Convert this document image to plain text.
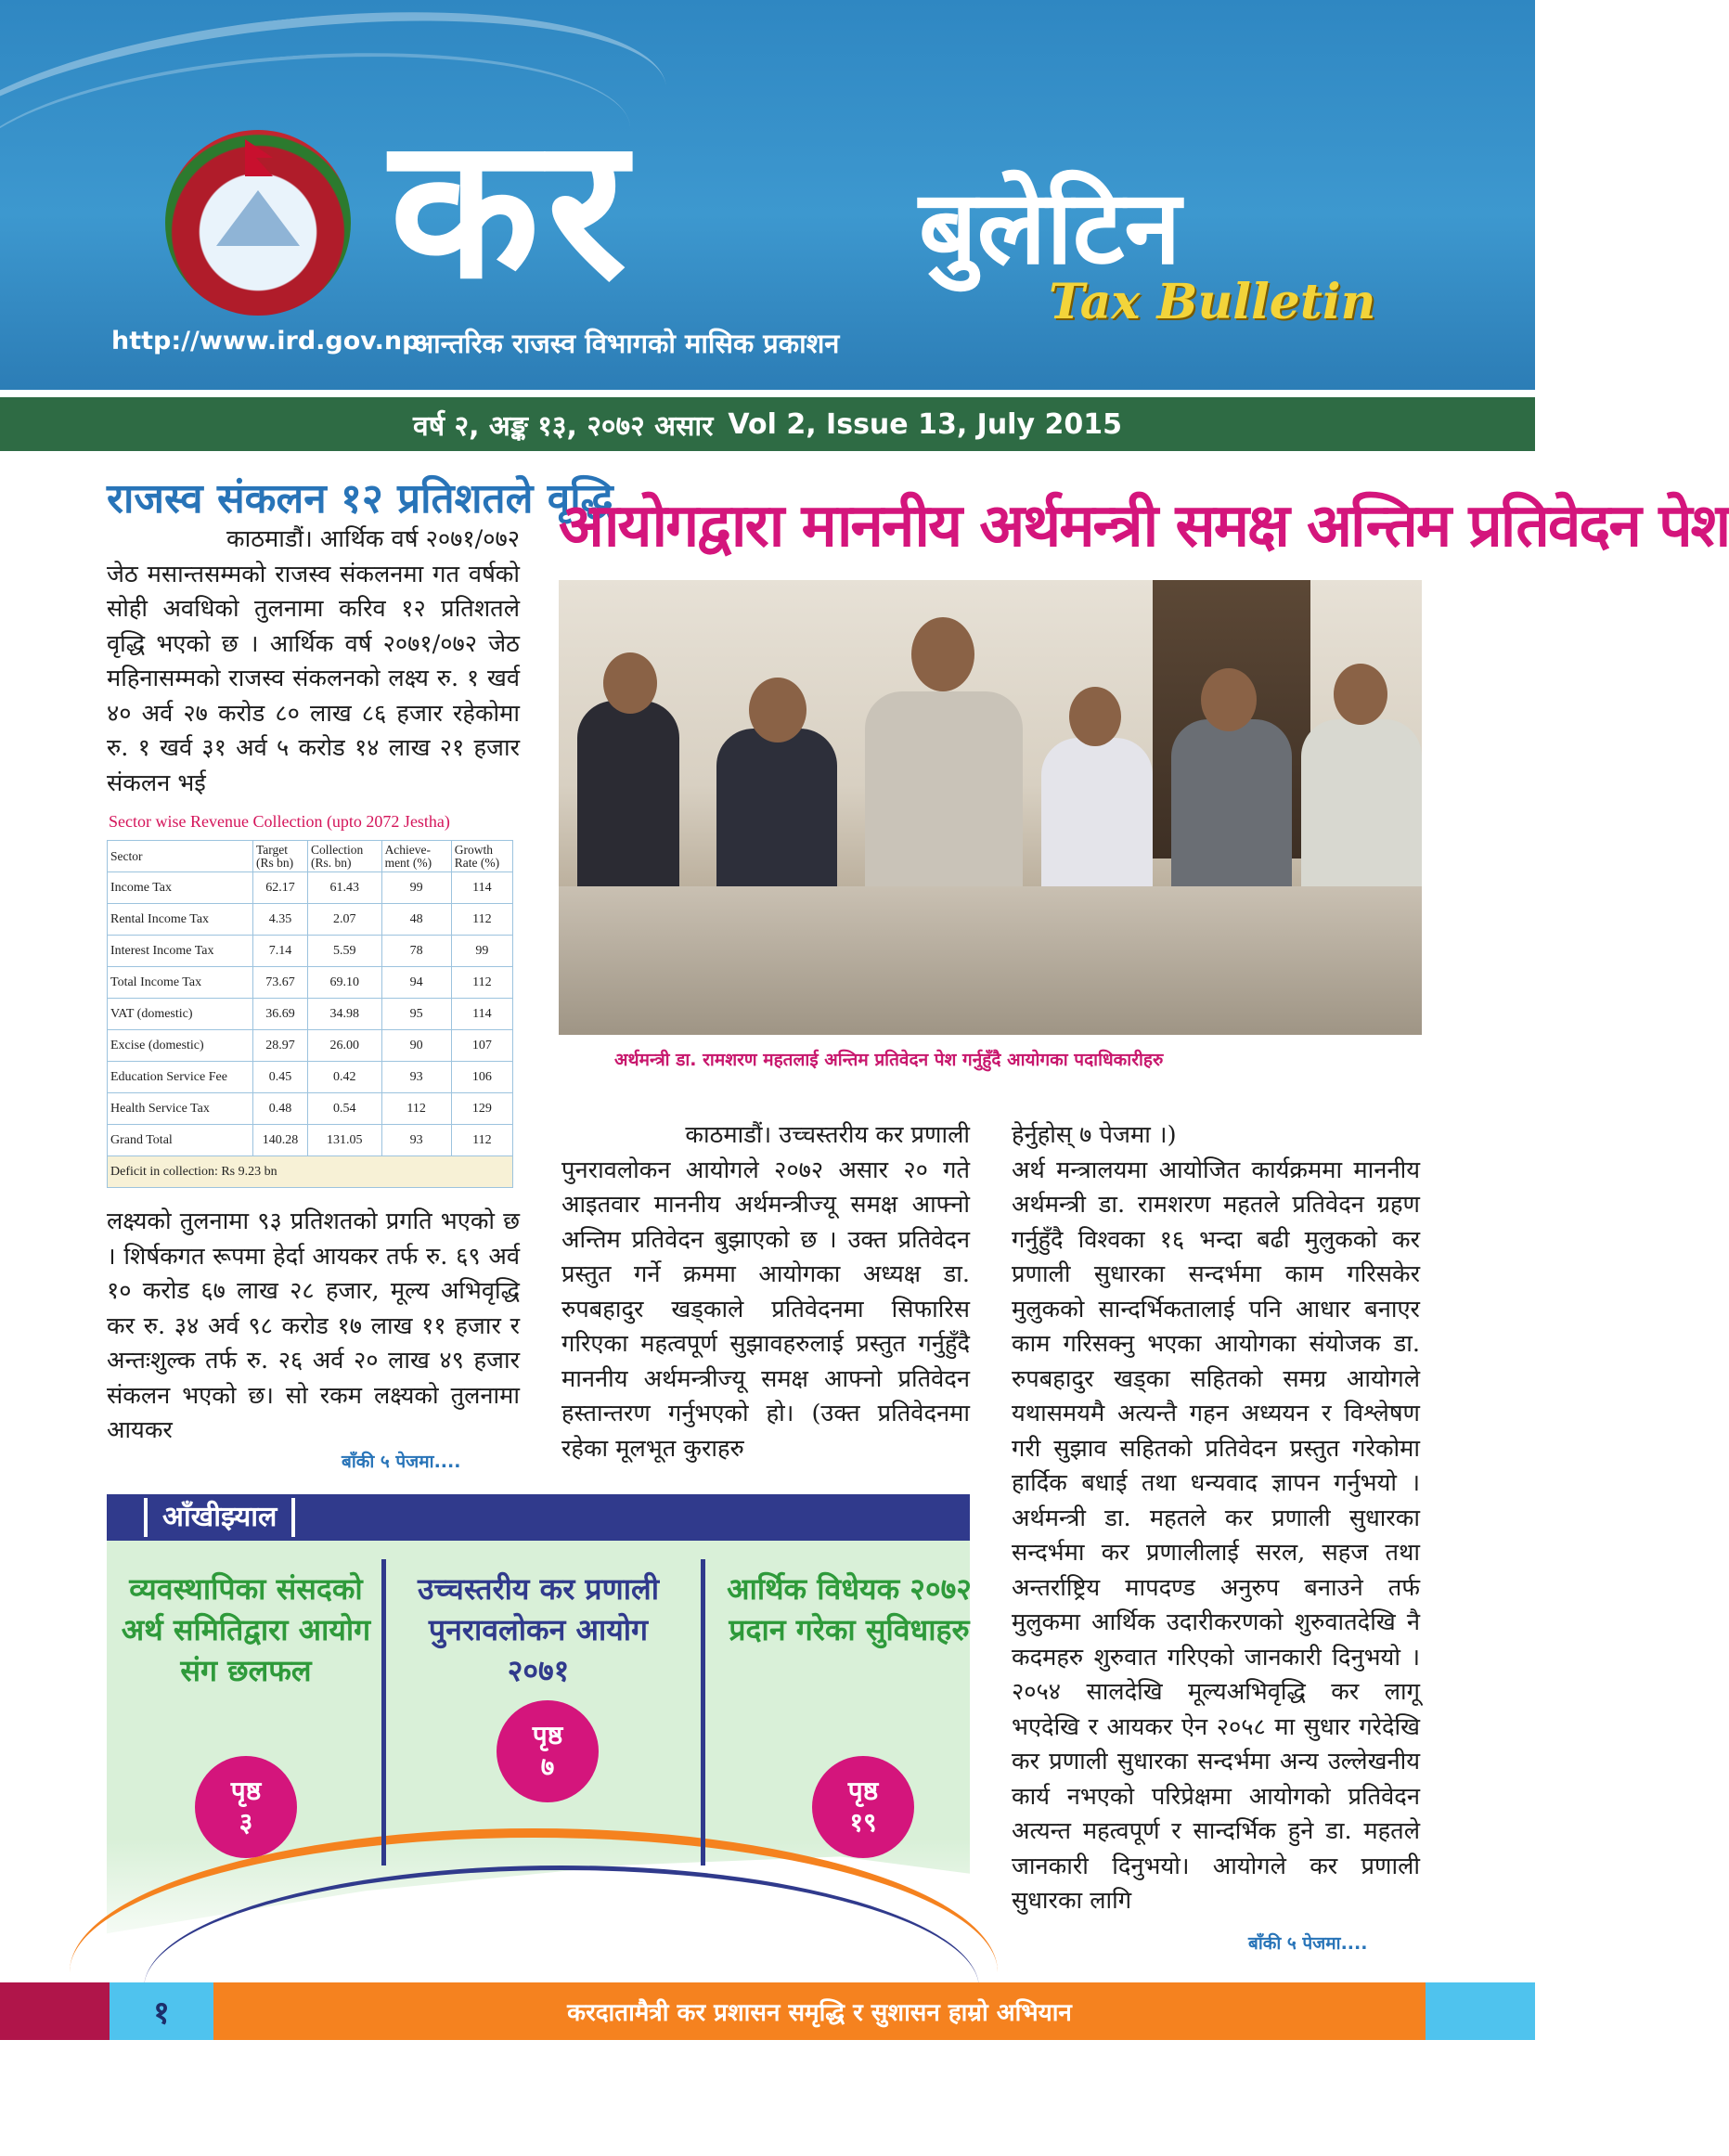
कर	बुलेटिन
Tax Bulletin
http://www.ird.gov.np
आन्तरिक राजस्व विभागको मासिक प्रकाशन
वर्ष २, अङ्क १३, २०७२ असार Vol 2, Issue 13, July 2015
राजस्व संकलन १२ प्रतिशतले वृद्धि
काठमाडौं। आर्थिक वर्ष २०७१/०७२
जेठ मसान्तसम्मको राजस्व संकलनमा गत वर्षको सोही अवधिको तुलनामा करिव १२ प्रतिशतले वृद्धि भएको छ । आर्थिक वर्ष २०७१/०७२ जेठ महिनासम्मको राजस्व संकलनको लक्ष्य रु. १ खर्व ४० अर्व २७ करोड ८० लाख ८६ हजार रहेकोमा रु. १ खर्व ३१ अर्व ५ करोड १४ लाख २१ हजार संकलन भई
Sector wise Revenue Collection (upto 2072 Jestha)
Sector	Target (Rs bn)	Collection (Rs. bn)	Achieve- ment (%)	Growth Rate (%)
Income Tax	62.17	61.43	99	114
Rental Income Tax	4.35	2.07	48	112
Interest Income Tax	7.14	5.59	78	99
Total Income Tax	73.67	69.10	94	112
VAT (domestic)	36.69	34.98	95	114
Excise (domestic)	28.97	26.00	90	107
Education Service Fee	0.45	0.42	93	106
Health Service Tax	0.48	0.54	112	129
Grand Total	140.28	131.05	93	112
Deficit in collection: Rs 9.23 bn				
लक्ष्यको तुलनामा ९३ प्रतिशतको प्रगति भएको छ । शिर्षकगत रूपमा हेर्दा आयकर तर्फ रु. ६९ अर्व १० करोड ६७ लाख २८ हजार, मूल्य अभिवृद्धि कर रु. ३४ अर्व ९८ करोड १७ लाख ११ हजार र अन्तःशुल्क तर्फ रु. २६ अर्व २० लाख ४९ हजार संकलन भएको छ। सो रकम लक्ष्यको तुलनामा आयकर
बाँकी ५ पेजमा....
आयोगद्वारा माननीय अर्थमन्त्री समक्ष अन्तिम प्रतिवेदन पेश
अर्थमन्त्री डा. रामशरण महतलाई अन्तिम प्रतिवेदन पेश गर्नुहुँदै आयोगका पदाधिकारीहरु
काठमाडौं। उच्चस्तरीय कर प्रणाली
पुनरावलोकन आयोगले २०७२ असार २० गते आइतवार माननीय अर्थमन्त्रीज्यू समक्ष आफ्नो अन्तिम प्रतिवेदन बुझाएको छ । उक्त प्रतिवेदन प्रस्तुत गर्ने क्रममा आयोगका अध्यक्ष डा. रुपबहादुर खड्काले प्रतिवेदनमा सिफारिस गरिएका महत्वपूर्ण सुझावहरुलाई प्रस्तुत गर्नुहुँदै माननीय अर्थमन्त्रीज्यू समक्ष आफ्नो प्रतिवेदन हस्तान्तरण गर्नुभएको हो। (उक्त प्रतिवेदनमा रहेका मूलभूत कुराहरु
हेर्नुहोस् ७ पेजमा ।)
अर्थ मन्त्रालयमा आयोजित कार्यक्रममा माननीय अर्थमन्त्री डा. रामशरण महतले प्रतिवेदन ग्रहण गर्नुहुँदै विश्वका १६ भन्दा बढी मुलुकको कर प्रणाली सुधारका सन्दर्भमा काम गरिसकेर मुलुकको सान्दर्भिकतालाई पनि आधार बनाएर काम गरिसक्नु भएका आयोगका संयोजक डा. रुपबहादुर खड्का सहितको समग्र आयोगले यथासमयमै अत्यन्तै गहन अध्ययन र विश्लेषण गरी सुझाव सहितको प्रतिवेदन प्रस्तुत गरेकोमा हार्दिक बधाई तथा धन्यवाद ज्ञापन गर्नुभयो । अर्थमन्त्री डा. महतले कर प्रणाली सुधारका सन्दर्भमा कर प्रणालीलाई सरल, सहज तथा अन्तर्राष्ट्रिय मापदण्ड अनुरुप बनाउने तर्फ मुलुकमा आर्थिक उदारीकरणको शुरुवातदेखि नै कदमहरु शुरुवात गरिएको जानकारी दिनुभयो । २०५४ सालदेखि मूल्यअभिवृद्धि कर लागू भएदेखि र आयकर ऐन २०५८ मा सुधार गरेदेखि कर प्रणाली सुधारका सन्दर्भमा अन्य उल्लेखनीय कार्य नभएको परिप्रेक्षमा आयोगको प्रतिवेदन अत्यन्त महत्वपूर्ण र सान्दर्भिक हुने डा. महतले जानकारी दिनुभयो। आयोगले कर प्रणाली सुधारका लागि
बाँकी ५ पेजमा....
आँखीझ्याल
व्यवस्थापिका संसदको अर्थ समितिद्वारा आयोग संग छलफल
उच्चस्तरीय कर प्रणाली पुनरावलोकन आयोग २०७१
आर्थिक विधेयक २०७२ प्रदान गरेका सुविधाहरु
पृष्ठ
३
पृष्ठ
७
पृष्ठ
१९
१	करदातामैत्री कर प्रशासन समृद्धि र सुशासन हाम्रो अभियान
